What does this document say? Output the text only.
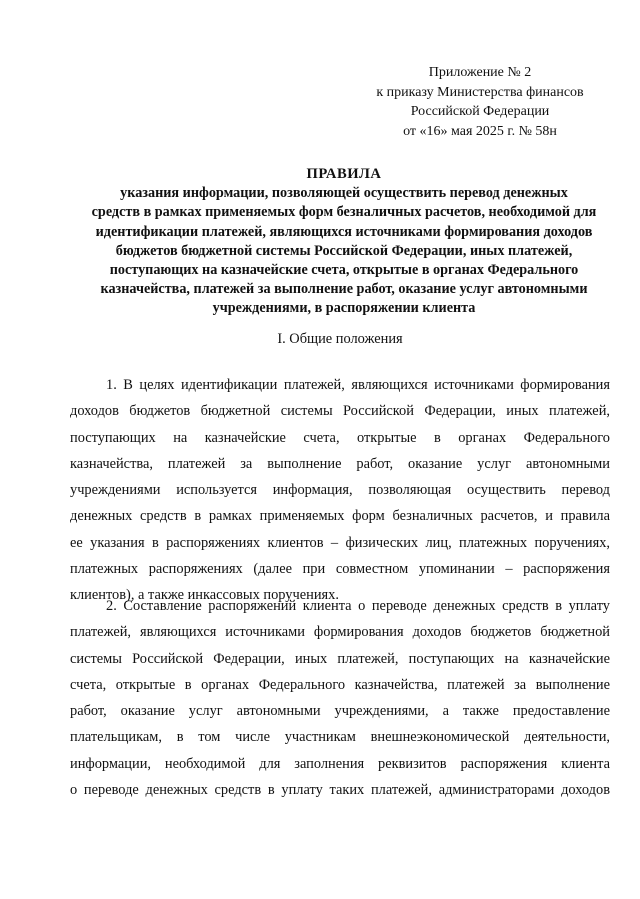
Приложение № 2
к приказу Министерства финансов
Российской Федерации
от «16» мая 2025 г. № 58н
ПРАВИЛА
указания информации, позволяющей осуществить перевод денежных
средств в рамках применяемых форм безналичных расчетов, необходимой для
идентификации платежей, являющихся источниками формирования доходов
бюджетов бюджетной системы Российской Федерации, иных платежей,
поступающих на казначейские счета, открытые в органах Федерального
казначейства, платежей за выполнение работ, оказание услуг автономными
учреждениями, в распоряжении клиента
I. Общие положения
1. В целях идентификации платежей, являющихся источниками формирования
доходов бюджетов бюджетной системы Российской Федерации, иных платежей,
поступающих на казначейские счета, открытые в органах Федерального
казначейства, платежей за выполнение работ, оказание услуг автономными
учреждениями используется информация, позволяющая осуществить перевод
денежных средств в рамках применяемых форм безналичных расчетов, и правила
ее указания в распоряжениях клиентов – физических лиц, платежных поручениях,
платежных распоряжениях (далее при совместном упоминании – распоряжения
клиентов), а также инкассовых поручениях.
2. Составление распоряжений клиента о переводе денежных средств в уплату
платежей, являющихся источниками формирования доходов бюджетов бюджетной
системы Российской Федерации, иных платежей, поступающих на казначейские
счета, открытые в органах Федерального казначейства, платежей за выполнение
работ, оказание услуг автономными учреждениями, а также предоставление
плательщикам, в том числе участникам внешнеэкономической деятельности,
информации, необходимой для заполнения реквизитов распоряжения клиента
о переводе денежных средств в уплату таких платежей, администраторами доходов
